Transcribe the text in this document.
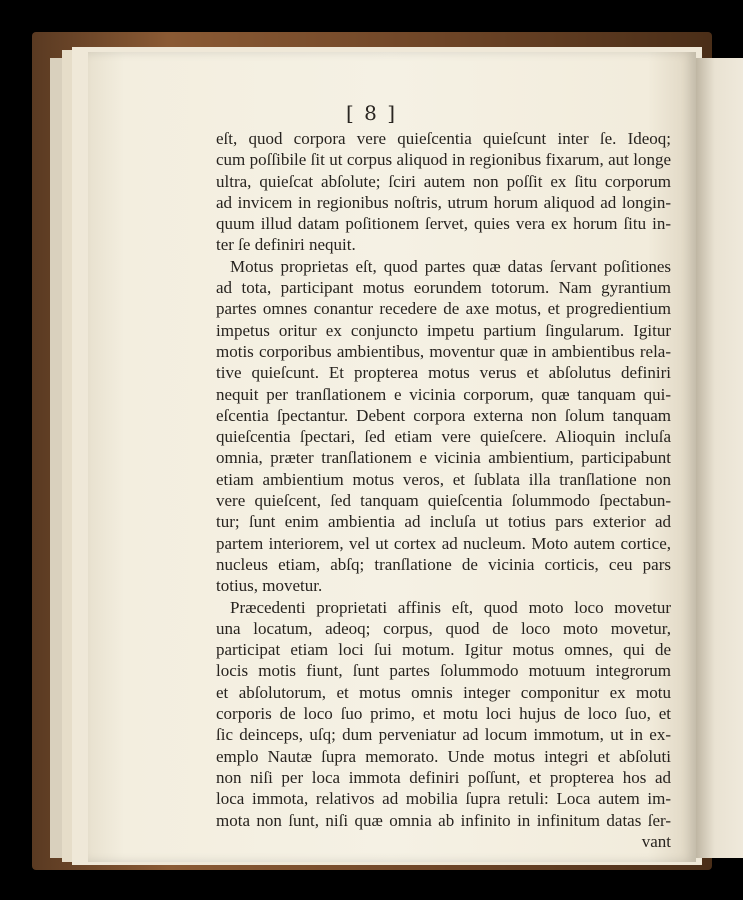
[ 8 ]
eſt, quod corpora vere quieſcentia quieſcunt inter ſe. Ideoq;
cum poſſibile ſit ut corpus aliquod in regionibus fixarum, aut longe
ultra, quieſcat abſolute; ſciri autem non poſſit ex ſitu corporum
ad invicem in regionibus noſtris, utrum horum aliquod ad longin-
quum illud datam poſitionem ſervet, quies vera ex horum ſitu in-
ter ſe definiri nequit.
Motus proprietas eſt, quod partes quæ datas ſervant poſitiones
ad tota, participant motus eorundem totorum. Nam gyrantium
partes omnes conantur recedere de axe motus, et progredientium
impetus oritur ex conjuncto impetu partium ſingularum. Igitur
motis corporibus ambientibus, moventur quæ in ambientibus rela-
tive quieſcunt. Et propterea motus verus et abſolutus definiri
nequit per tranſlationem e vicinia corporum, quæ tanquam qui-
eſcentia ſpectantur. Debent corpora externa non ſolum tanquam
quieſcentia ſpectari, ſed etiam vere quieſcere. Alioquin incluſa
omnia, præter tranſlationem e vicinia ambientium, participabunt
etiam ambientium motus veros, et ſublata illa tranſlatione non
vere quieſcent, ſed tanquam quieſcentia ſolummodo ſpectabun-
tur; ſunt enim ambientia ad incluſa ut totius pars exterior ad
partem interiorem, vel ut cortex ad nucleum. Moto autem cortice,
nucleus etiam, abſq; tranſlatione de vicinia corticis, ceu pars
totius, movetur.
Præcedenti proprietati affinis eſt, quod moto loco movetur
una locatum, adeoq; corpus, quod de loco moto movetur,
participat etiam loci ſui motum. Igitur motus omnes, qui de
locis motis fiunt, ſunt partes ſolummodo motuum integrorum
et abſolutorum, et motus omnis integer componitur ex motu
corporis de loco ſuo primo, et motu loci hujus de loco ſuo, et
ſic deinceps, uſq; dum perveniatur ad locum immotum, ut in ex-
emplo Nautæ ſupra memorato. Unde motus integri et abſoluti
non niſi per loca immota definiri poſſunt, et propterea hos ad
loca immota, relativos ad mobilia ſupra retuli: Loca autem im-
mota non ſunt, niſi quæ omnia ab infinito in infinitum datas ſer-
vant
